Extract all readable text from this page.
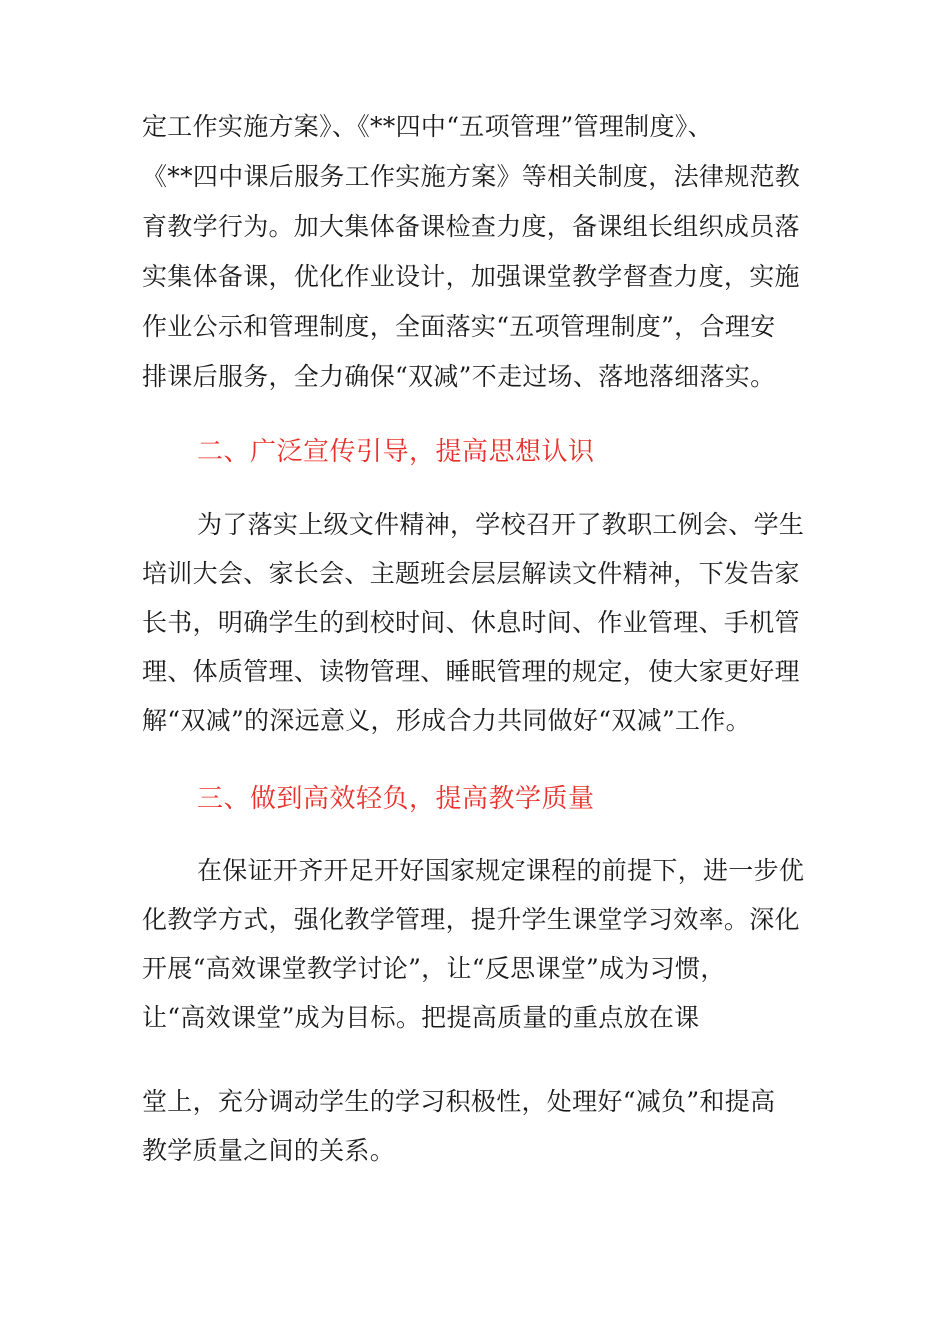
定工作实施方案》、《**四中“五项管理”管理制度》、
《**四中课后服务工作实施方案》等相关制度，法律规范教
育教学行为。加大集体备课检查力度，备课组长组织成员落
实集体备课，优化作业设计，加强课堂教学督查力度，实施
作业公示和管理制度，全面落实“五项管理制度”，合理安
排课后服务，全力确保“双减”不走过场、落地落细落实。
二、广泛宣传引导，提高思想认识
为了落实上级文件精神，学校召开了教职工例会、学生
培训大会、家长会、主题班会层层解读文件精神，下发告家
长书，明确学生的到校时间、休息时间、作业管理、手机管
理、体质管理、读物管理、睡眠管理的规定，使大家更好理
解“双减”的深远意义，形成合力共同做好“双减”工作。
三、做到高效轻负，提高教学质量
在保证开齐开足开好国家规定课程的前提下，进一步优
化教学方式，强化教学管理，提升学生课堂学习效率。深化
开展“高效课堂教学讨论”，让“反思课堂”成为习惯，
让“高效课堂”成为目标。把提高质量的重点放在课
堂上，充分调动学生的学习积极性，处理好“减负”和提高
教学质量之间的关系。
